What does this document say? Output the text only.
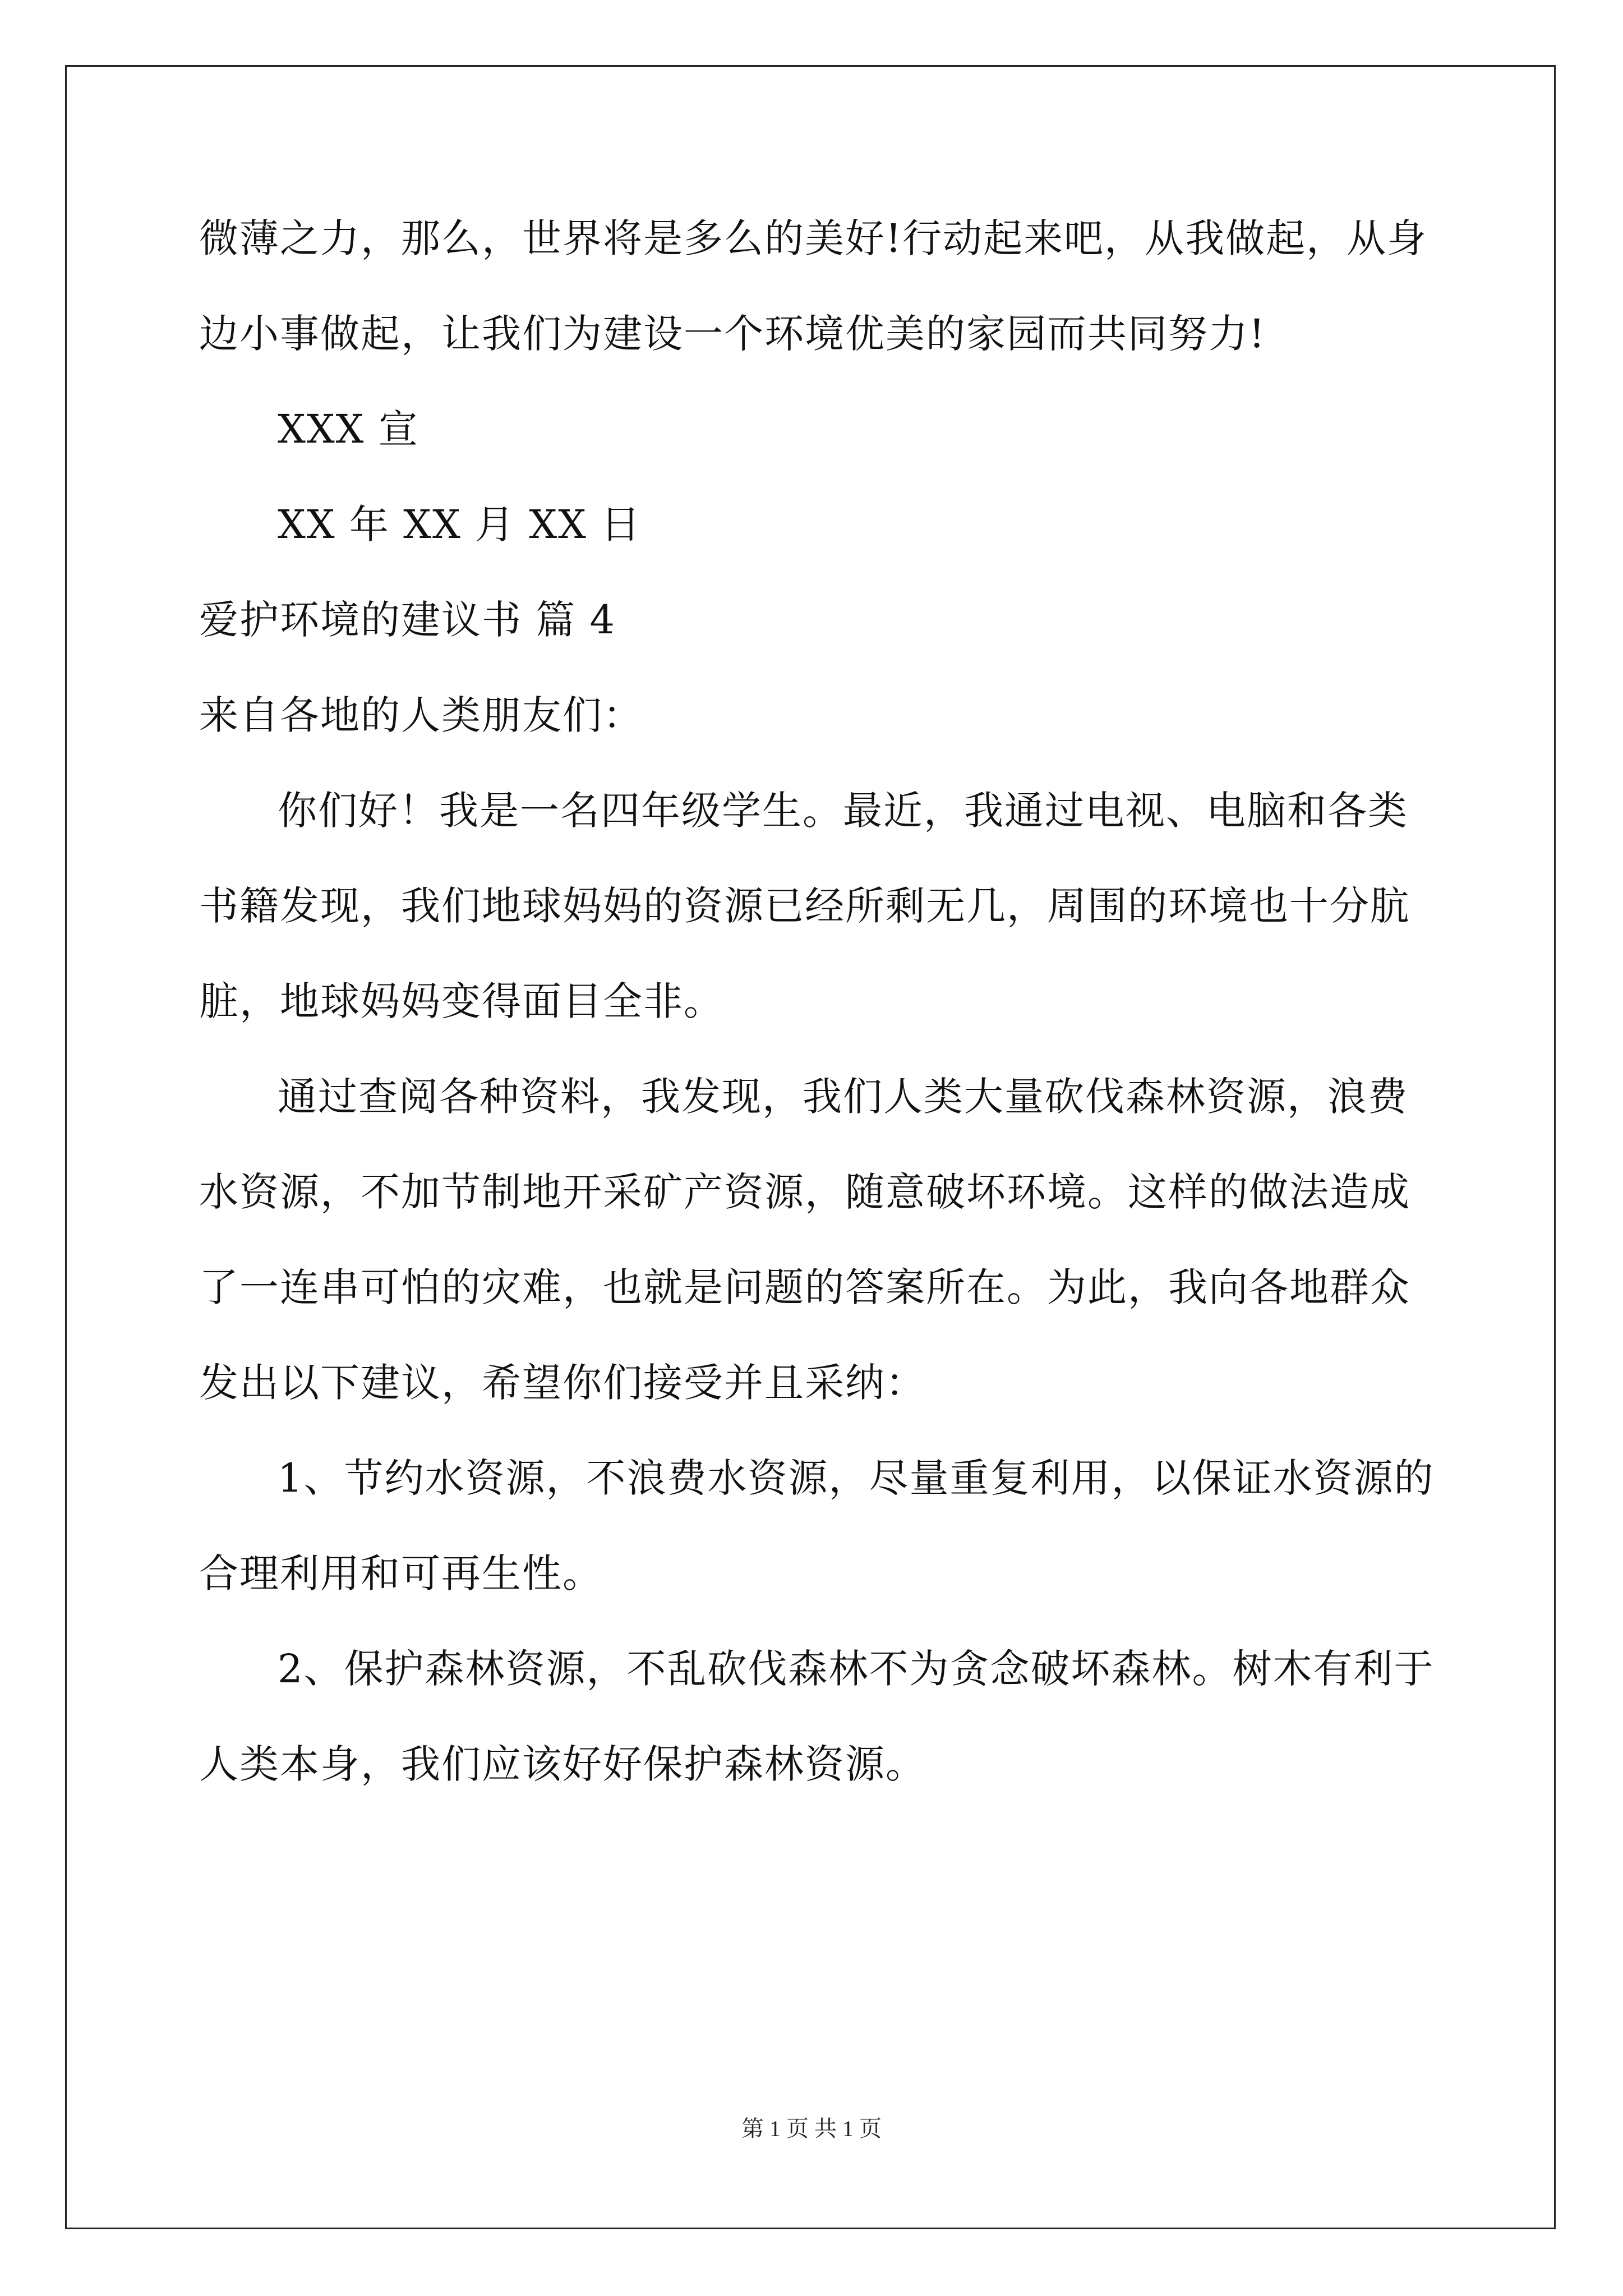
微薄之力，那么，世界将是多么的美好!行动起来吧，从我做起，从身
边小事做起，让我们为建设一个环境优美的家园而共同努力!
XXX 宣
XX 年 XX 月 XX 日
爱护环境的建议书 篇 4
来自各地的人类朋友们：
你们好！我是一名四年级学生。最近，我通过电视、电脑和各类
书籍发现，我们地球妈妈的资源已经所剩无几，周围的环境也十分肮
脏，地球妈妈变得面目全非。
通过查阅各种资料，我发现，我们人类大量砍伐森林资源，浪费
水资源，不加节制地开采矿产资源，随意破坏环境。这样的做法造成
了一连串可怕的灾难，也就是问题的答案所在。为此，我向各地群众
发出以下建议，希望你们接受并且采纳：
1、节约水资源，不浪费水资源，尽量重复利用，以保证水资源的
合理利用和可再生性。
2、保护森林资源，不乱砍伐森林不为贪念破坏森林。树木有利于
人类本身，我们应该好好保护森林资源。
第 1 页 共 1 页
